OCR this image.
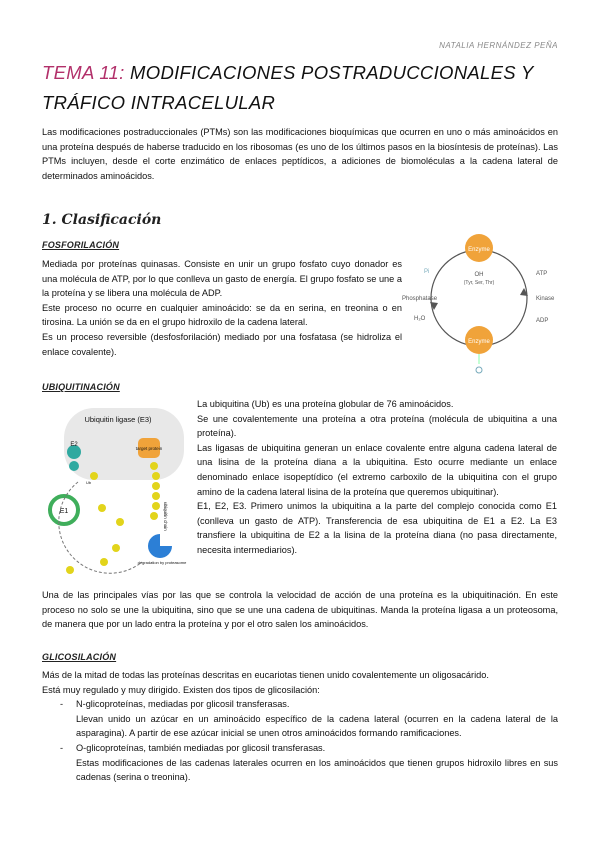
NATALIA HERNÁNDEZ PEÑA
TEMA 11: MODIFICACIONES POSTRADUCCIONALES Y TRÁFICO INTRACELULAR

Las modificaciones postraduccionales (PTMs) son las modificaciones bioquímicas que ocurren en uno o más aminoácidos en una proteína después de haberse traducido en los ribosomas (es uno de los últimos pasos en la biosíntesis de proteínas). Las PTMs incluyen, desde el corte enzimático de enlaces peptídicos, a adiciones de biomoléculas a la cadena lateral de determinados aminoácidos.

1. Clasificación
FOSFORILACIÓN

Mediada por proteínas quinasas. Consiste en unir un grupo fosfato cuyo donador es una molécula de ATP, por lo que conlleva un gasto de energía. El grupo fosfato se une a la proteína y se libera una molécula de ADP.

Este proceso no ocurre en cualquier aminoácido: se da en serina, en treonina o en tirosina. La unión se da en el grupo hidroxilo de la cadena lateral.

Es un proceso reversible (desfosforilación) mediado por una fosfatasa (se hidroliza el enlace covalente).

Enzyme
OH
(Tyr, Ser, Thr)
Enzyme
Pi
H₂O
ATP
ADP
Phosphatase	Kinase
UBIQUITINACIÓN
Ubiquitin ligase (E3)
target protein
E2
E1	ubiquitin chain
degradation by proteasome
Ub

La ubiquitina (Ub) es una proteína globular de 76 aminoácidos.

Se une covalentemente una proteína a otra proteína (molécula de ubiquitina a una proteína).

Las ligasas de ubiquitina generan un enlace covalente entre alguna cadena lateral de una lisina de la proteína diana a la ubiquitina. Esto ocurre mediante un enlace denominado enlace isopeptídico (el extremo carboxilo de la ubiquitina con el grupo amino de la cadena lateral lisina de la proteína que queremos ubiquitinar).

E1, E2, E3. Primero unimos la ubiquitina a la parte del complejo conocida como E1 (conlleva un gasto de ATP). Transferencia de esa ubiquitina de E1 a E2. La E3 transfiere la ubiquitina de E2 a la lisina de la proteína diana (no pasa directamente, necesita intermediarios).

Una de las principales vías por las que se controla la velocidad de acción de una proteína es la ubiquitinación. En este proceso no solo se une la ubiquitina, sino que se une una cadena de ubiquitinas. Manda la proteína ligasa a un proteosoma, de manera que por un lado entra la proteína y por el otro salen los aminoácidos.

GLICOSILACIÓN

Más de la mitad de todas las proteínas descritas en eucariotas tienen unido covalentemente un oligosacárido.

Está muy regulado y muy dirigido. Existen dos tipos de glicosilación:

- N-glicoproteínas, mediadas por glicosil transferasas.

Llevan unido un azúcar en un aminoácido específico de la cadena lateral (ocurren en la cadena lateral de la asparagina). A partir de ese azúcar inicial se unen otros aminoácidos formando ramificaciones.

- O-glicoproteínas, también mediadas por glicosil transferasas.

Estas modificaciones de las cadenas laterales ocurren en los aminoácidos que tienen grupos hidroxilo libres en sus cadenas (serina o treonina).
